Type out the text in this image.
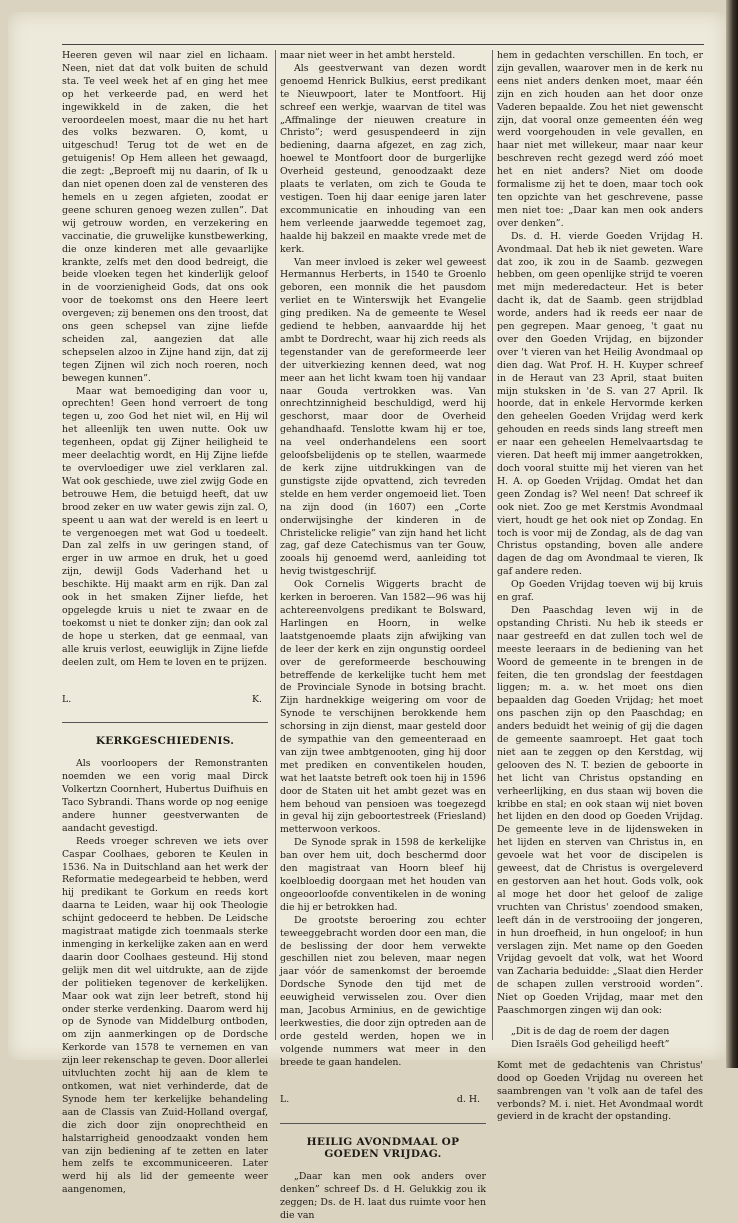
Heeren geven wil naar ziel en lichaam. Neen, niet dat dat volk buiten de schuld sta. Te veel week het af en ging het mee op het verkeerde pad, en werd het ingewikkeld in de zaken, die het veroordeelen moest, maar die nu het hart des volks bezwaren. O, komt, u uitgeschud! Terug tot de wet en de getuigenis! Op Hem alleen het gewaagd, die zegt: „Beproeft mij nu daarin, of Ik u dan niet openen doen zal de vensteren des hemels en u zegen afgieten, zoodat er geene schuren genoeg wezen zullen”. Dat wij getrouw worden, en verzekering en vaccinatie, die gruwelijke kunstbewerking, die onze kinderen met alle gevaarlijke krankte, zelfs met den dood bedreigt, die beide vloeken tegen het kinderlijk geloof in de voorzienigheid Gods, dat ons ook voor de toekomst ons den Heere leert overgeven; zij benemen ons den troost, dat ons geen schepsel van zijne liefde scheiden zal, aangezien dat alle schepselen alzoo in Zijne hand zijn, dat zij tegen Zijnen wil zich noch roeren, noch bewegen kunnen”.

Maar wat bemoediging dan voor u, oprechten! Geen hond verroert de tong tegen u, zoo God het niet wil, en Hij wil het alleenlijk ten uwen nutte. Ook uw tegenheen, opdat gij Zijner heiligheid te meer deelachtig wordt, en Hij Zijne liefde te overvloediger uwe ziel verklaren zal. Wat ook geschiede, uwe ziel zwijg Gode en betrouwe Hem, die betuigd heeft, dat uw brood zeker en uw water gewis zijn zal. O, speent u aan wat der wereld is en leert u te vergenoegen met wat God u toedeelt. Dan zal zelfs in uw geringen stand, of erger in uw armoe en druk, het u goed zijn, dewijl Gods Vaderhand het u beschikte. Hij maakt arm en rijk. Dan zal ook in het smaken Zijner liefde, het opgelegde kruis u niet te zwaar en de toekomst u niet te donker zijn; dan ook zal de hope u sterken, dat ge eenmaal, van alle kruis verlost, eeuwiglijk in Zijne liefde deelen zult, om Hem te loven en te prijzen.

L.	K.
KERKGESCHIEDENIS.

Als voorloopers der Remonstranten noemden we een vorig maal Dirck Volkertzn Coornhert, Hubertus Duifhuis en Taco Sybrandi. Thans worde op nog eenige andere hunner geestverwanten de aandacht gevestigd.

Reeds vroeger schreven we iets over Caspar Coolhaes, geboren te Keulen in 1536. Na in Duitschland aan het werk der Reformatie medegearbeid te hebben, werd hij predikant te Gorkum en reeds kort daarna te Leiden, waar hij ook Theologie schijnt gedoceerd te hebben. De Leidsche magistraat matigde zich toenmaals sterke inmenging in kerkelijke zaken aan en werd daarin door Coolhaes gesteund. Hij stond gelijk men dit wel uitdrukte, aan de zijde der politieken tegenover de kerkelijken. Maar ook wat zijn leer betreft, stond hij onder sterke verdenking. Daarom werd hij op de Synode van Middelburg ontboden, om zijn aanmerkingen op de Dordsche Kerkorde van 1578 te vernemen en van zijn leer rekenschap te geven. Door allerlei uitvluchten zocht hij aan de klem te ontkomen, wat niet verhinderde, dat de Synode hem ter kerkelijke behandeling aan de Classis van Zuid-Holland overgaf, die zich door zijn onoprechtheid en halstarrigheid genoodzaakt vonden hem van zijn bediening af te zetten en later hem zelfs te excommuniceeren. Later werd hij als lid der gemeente weer aangenomen,

maar niet weer in het ambt hersteld.

Als geestverwant van dezen wordt genoemd Henrick Bulkius, eerst predikant te Nieuwpoort, later te Montfoort. Hij schreef een werkje, waarvan de titel was „Affmalinge der nieuwen creature in Christo”; werd gesuspendeerd in zijn bediening, daarna afgezet, en zag zich, hoewel te Montfoort door de burgerlijke Overheid gesteund, genoodzaakt deze plaats te verlaten, om zich te Gouda te vestigen. Toen hij daar eenige jaren later excommunicatie en inhouding van een hem verleende jaarwedde tegemoet zag, haalde hij bakzeil en maakte vrede met de kerk.

Van meer invloed is zeker wel geweest Hermannus Herberts, in 1540 te Groenlo geboren, een monnik die het pausdom verliet en te Winterswijk het Evangelie ging prediken. Na de gemeente te Wesel gediend te hebben, aanvaardde hij het ambt te Dordrecht, waar hij zich reeds als tegenstander van de gereformeerde leer der uitverkiezing kennen deed, wat nog meer aan het licht kwam toen hij vandaar naar Gouda vertrokken was. Van onrechtzinnigheid beschuldigd, werd hij geschorst, maar door de Overheid gehandhaafd. Tenslotte kwam hij er toe, na veel onderhandelens een soort geloofsbelijdenis op te stellen, waarmede de kerk zijne uitdrukkingen van de gunstigste zijde opvattend, zich tevreden stelde en hem verder ongemoeid liet. Toen na zijn dood (in 1607) een „Corte onderwijsinghe der kinderen in de Christelicke religie” van zijn hand het licht zag, gaf deze Catechismus van ter Gouw, zooals hij genoemd werd, aanleiding tot hevig twistgeschrijf.

Ook Cornelis Wiggerts bracht de kerken in beroeren. Van 1582—96 was hij achtereenvolgens predikant te Bolsward, Harlingen en Hoorn, in welke laatstgenoemde plaats zijn afwijking van de leer der kerk en zijn ongunstig oordeel over de gereformeerde beschouwing betreffende de kerkelijke tucht hem met de Provinciale Synode in botsing bracht. Zijn hardnekkige weigering om voor de Synode te verschijnen berokkende hem schorsing in zijn dienst, maar gesteld door de sympathie van den gemeenteraad en van zijn twee ambtgenooten, ging hij door met prediken en conventikelen houden, wat het laatste betreft ook toen hij in 1596 door de Staten uit het ambt gezet was en hem behoud van pensioen was toegezegd in geval hij zijn geboortestreek (Friesland) metterwoon verkoos.

De Synode sprak in 1598 de kerkelijke ban over hem uit, doch beschermd door den magistraat van Hoorn bleef hij koelbloedig doorgaan met het houden van ongeoorloofde conventikelen in de woning die hij er betrokken had.

De grootste beroering zou echter teweeggebracht worden door een man, die de beslissing der door hem verwekte geschillen niet zou beleven, maar negen jaar vóór de samenkomst der beroemde Dordsche Synode den tijd met de eeuwigheid verwisselen zou. Over dien man, Jacobus Arminius, en de gewichtige leerkwesties, die door zijn optreden aan de orde gesteld werden, hopen we in volgende nummers wat meer in den breede te gaan handelen.

L.	d. H.
HEILIG AVONDMAAL OP GOEDEN VRIJDAG.

„Daar kan men ook anders over denken” schreef Ds. d H. Gelukkig zou ik zeggen; Ds. de H. laat dus ruimte voor hen die van

hem in gedachten verschillen. En toch, er zijn gevallen, waarover men in de kerk nu eens niet anders denken moet, maar één zijn en zich houden aan het door onze Vaderen bepaalde. Zou het niet gewenscht zijn, dat vooral onze gemeenten één weg werd voorgehouden in vele gevallen, en haar niet met willekeur, maar naar keur beschreven recht gezegd werd zóó moet het en niet anders? Niet om doode formalisme zij het te doen, maar toch ook ten opzichte van het geschrevene, passe men niet toe: „Daar kan men ook anders over denken”.

Ds. d. H. vierde Goeden Vrijdag H. Avondmaal. Dat heb ik niet geweten. Ware dat zoo, ik zou in de Saamb. gezwegen hebben, om geen openlijke strijd te voeren met mijn mederedacteur. Het is beter dacht ik, dat de Saamb. geen strijdblad worde, anders had ik reeds eer naar de pen gegrepen. Maar genoeg, 't gaat nu over den Goeden Vrijdag, en bijzonder over 't vieren van het Heilig Avondmaal op dien dag. Wat Prof. H. H. Kuyper schreef in de Heraut van 23 April, staat buiten mijn stuksken in 'de S. van 27 April. Ik hoorde, dat in enkele Hervormde kerken den geheelen Goeden Vrijdag werd kerk gehouden en reeds sinds lang streeft men er naar een geheelen Hemelvaartsdag te vieren. Dat heeft mij immer aangetrokken, doch vooral stuitte mij het vieren van het H. A. op Goeden Vrijdag. Omdat het dan geen Zondag is? Wel neen! Dat schreef ik ook niet. Zoo ge met Kerstmis Avondmaal viert, houdt ge het ook niet op Zondag. En toch is voor mij de Zondag, als de dag van Christus opstanding, boven alle andere dagen de dag om Avondmaal te vieren, Ik gaf andere reden.

Op Goeden Vrijdag toeven wij bij kruis en graf.

Den Paaschdag leven wij in de opstanding Christi. Nu heb ik steeds er naar gestreefd en dat zullen toch wel de meeste leeraars in de bediening van het Woord de gemeente in te brengen in de feiten, die ten grondslag der feestdagen liggen; m. a. w. het moet ons dien bepaalden dag Goeden Vrijdag; het moet ons paschen zijn op den Paaschdag; en anders beduidt het weinig of gij die dagen de gemeente saamroept. Het gaat toch niet aan te zeggen op den Kerstdag, wij gelooven des N. T. bezien de geboorte in het licht van Christus opstanding en verheerlijking, en dus staan wij boven die kribbe en stal; en ook staan wij niet boven het lijden en den dood op Goeden Vrijdag. De gemeente leve in de lijdensweken in het lijden en sterven van Christus in, en gevoele wat het voor de discipelen is geweest, dat de Christus is overgeleverd en gestorven aan het hout. Gods volk, ook al moge het door het geloof de zalige vruchten van Christus' zoendood smaken, leeft dán in de verstrooiing der jongeren, in hun droefheid, in hun ongeloof; in hun verslagen zijn. Met name op den Goeden Vrijdag gevoelt dat volk, wat het Woord van Zacharia beduidde: „Slaat dien Herder de schapen zullen verstrooid worden”. Niet op Goeden Vrijdag, maar met den Paaschmorgen zingen wij dan ook:

„Dit is de dag de roem der dagen
Dien Israëls God geheiligd heeft”

Komt met de gedachtenis van Christus' dood op Goeden Vrijdag nu overeen het saambrengen van 't volk aan de tafel des verbonds? M. i. niet. Het Avondmaal wordt gevierd in de kracht der opstanding.
